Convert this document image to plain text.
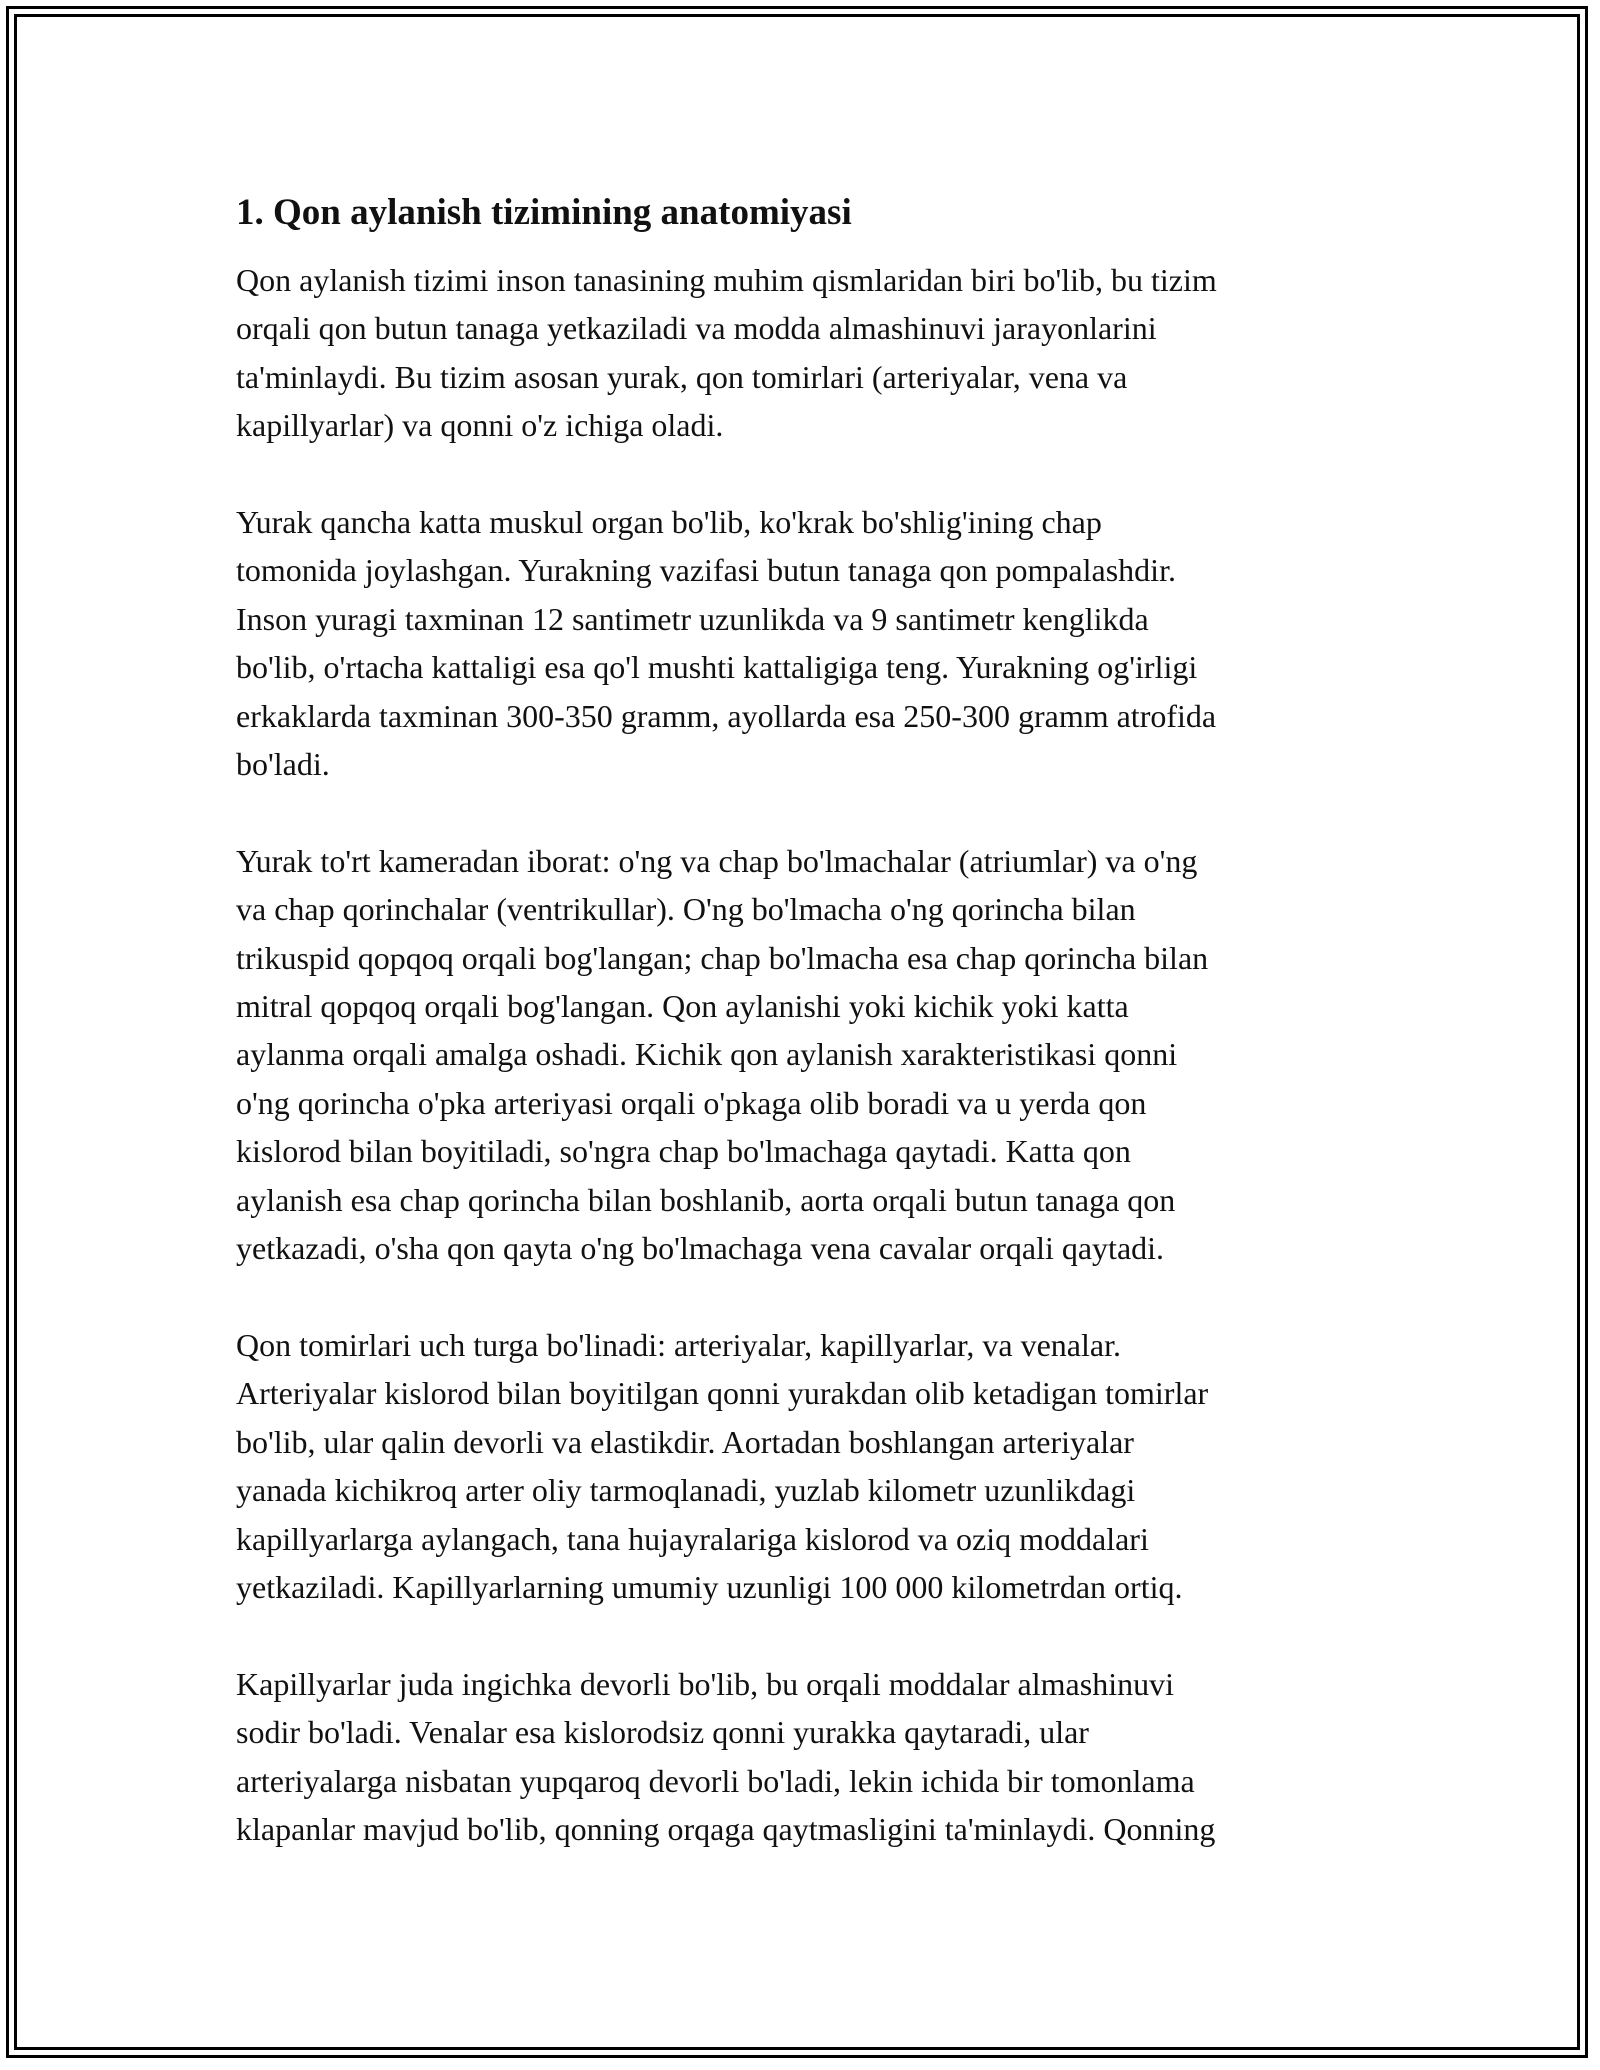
1. Qon aylanish tizimining anatomiyasi

Qon aylanish tizimi inson tanasining muhim qismlaridan biri bo'lib, bu tizim
orqali qon butun tanaga yetkaziladi va modda almashinuvi jarayonlarini
ta'minlaydi. Bu tizim asosan yurak, qon tomirlari (arteriyalar, vena va
kapillyarlar) va qonni o'z ichiga oladi.

Yurak qancha katta muskul organ bo'lib, ko'krak bo'shlig'ining chap
tomonida joylashgan. Yurakning vazifasi butun tanaga qon pompalashdir.
Inson yuragi taxminan 12 santimetr uzunlikda va 9 santimetr kenglikda
bo'lib, o'rtacha kattaligi esa qo'l mushti kattaligiga teng. Yurakning og'irligi
erkaklarda taxminan 300-350 gramm, ayollarda esa 250-300 gramm atrofida
bo'ladi.

Yurak to'rt kameradan iborat: o'ng va chap bo'lmachalar (atriumlar) va o'ng
va chap qorinchalar (ventrikullar). O'ng bo'lmacha o'ng qorincha bilan
trikuspid qopqoq orqali bog'langan; chap bo'lmacha esa chap qorincha bilan
mitral qopqoq orqali bog'langan. Qon aylanishi yoki kichik yoki katta
aylanma orqali amalga oshadi. Kichik qon aylanish xarakteristikasi qonni
o'ng qorincha o'pka arteriyasi orqali o'pkaga olib boradi va u yerda qon
kislorod bilan boyitiladi, so'ngra chap bo'lmachaga qaytadi. Katta qon
aylanish esa chap qorincha bilan boshlanib, aorta orqali butun tanaga qon
yetkazadi, o'sha qon qayta o'ng bo'lmachaga vena cavalar orqali qaytadi.

Qon tomirlari uch turga bo'linadi: arteriyalar, kapillyarlar, va venalar.
Arteriyalar kislorod bilan boyitilgan qonni yurakdan olib ketadigan tomirlar
bo'lib, ular qalin devorli va elastikdir. Aortadan boshlangan arteriyalar
yanada kichikroq arter oliy tarmoqlanadi, yuzlab kilometr uzunlikdagi
kapillyarlarga aylangach, tana hujayralariga kislorod va oziq moddalari
yetkaziladi. Kapillyarlarning umumiy uzunligi 100 000 kilometrdan ortiq.

Kapillyarlar juda ingichka devorli bo'lib, bu orqali moddalar almashinuvi
sodir bo'ladi. Venalar esa kislorodsiz qonni yurakka qaytaradi, ular
arteriyalarga nisbatan yupqaroq devorli bo'ladi, lekin ichida bir tomonlama
klapanlar mavjud bo'lib, qonning orqaga qaytmasligini ta'minlaydi. Qonning
